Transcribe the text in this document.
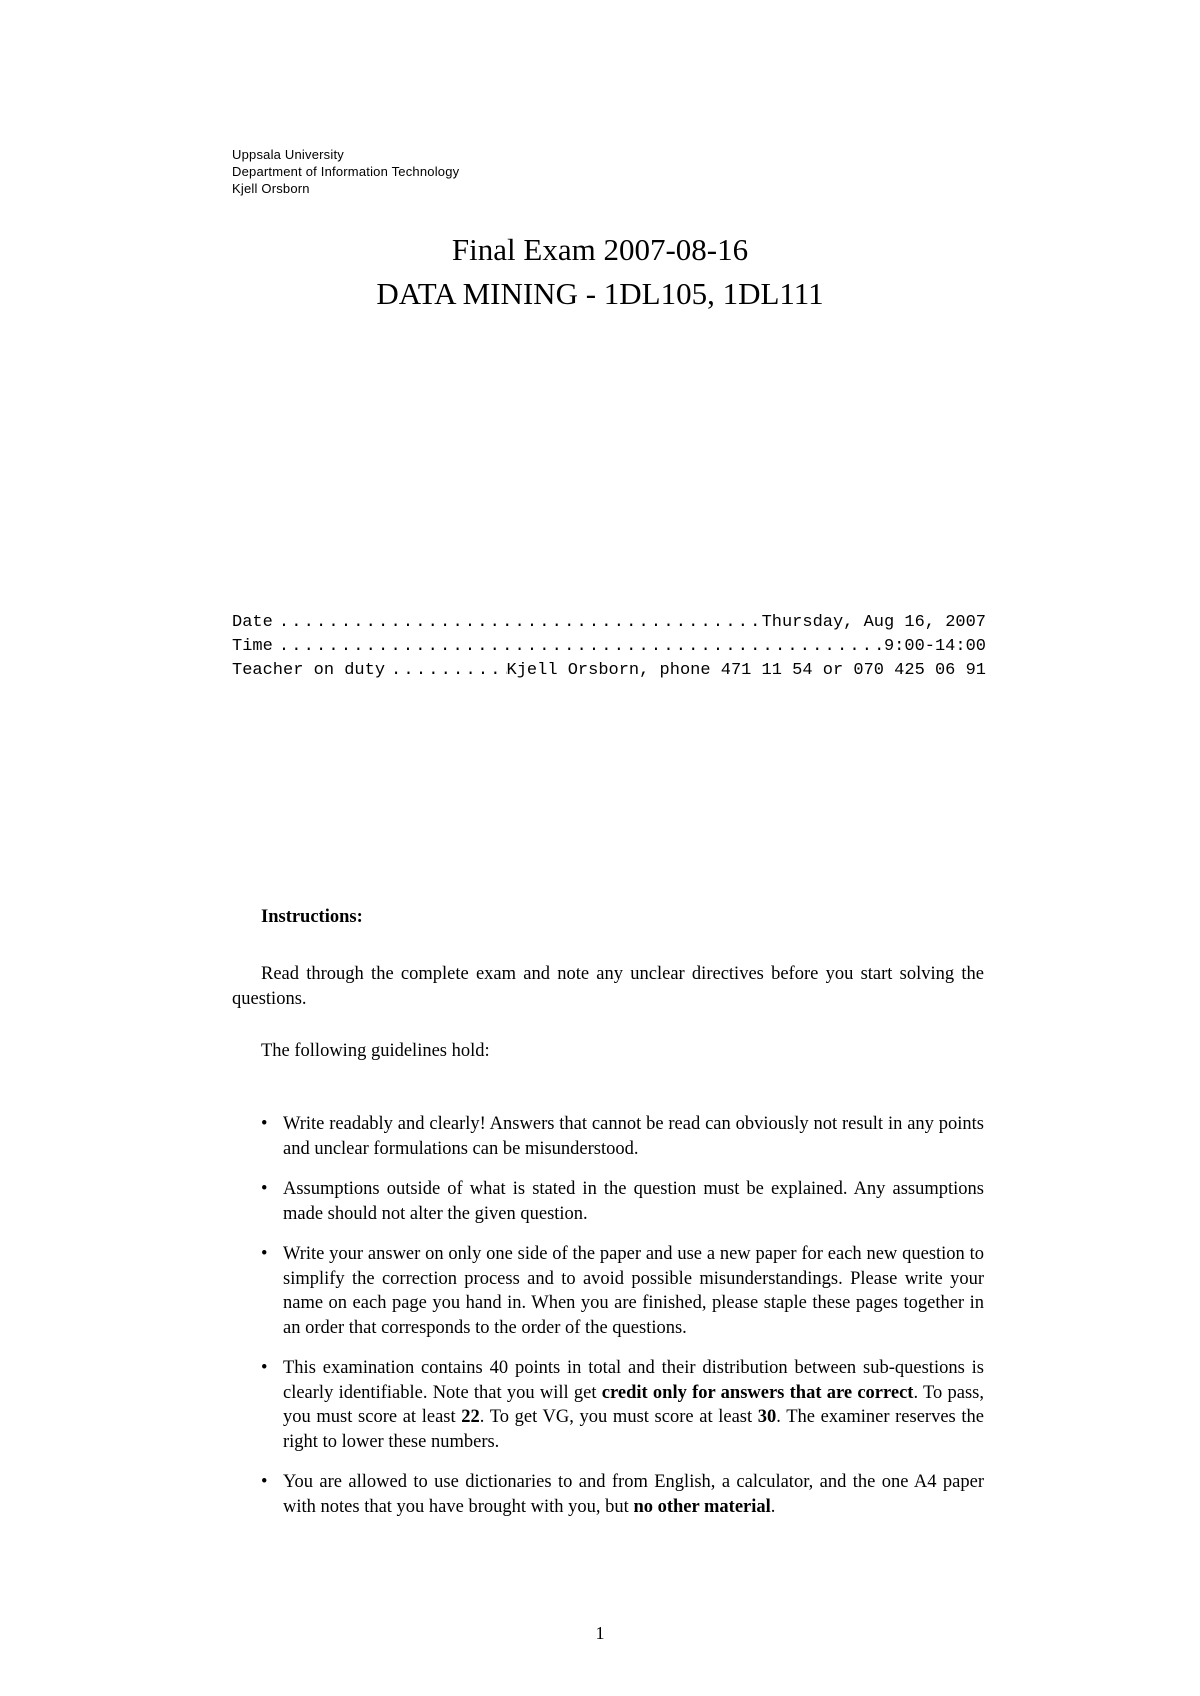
Uppsala University
Department of Information Technology
Kjell Orsborn
Final Exam 2007-08-16
DATA MINING - 1DL105, 1DL111
Date . . .	Thursday, Aug 16, 2007
Time . . .	9:00-14:00
Teacher on duty . . .	Kjell Orsborn, phone 471 11 54 or 070 425 06 91
Instructions:
Read through the complete exam and note any unclear directives before you start solving the questions.
The following guidelines hold:
• Write readably and clearly! Answers that cannot be read can obviously not result in any points and unclear formulations can be misunderstood.
• Assumptions outside of what is stated in the question must be explained. Any assumptions made should not alter the given question.
• Write your answer on only one side of the paper and use a new paper for each new question to simplify the correction process and to avoid possible misunderstandings. Please write your name on each page you hand in. When you are finished, please staple these pages together in an order that corresponds to the order of the questions.
• This examination contains 40 points in total and their distribution between sub-questions is clearly identifiable. Note that you will get credit only for answers that are correct. To pass, you must score at least 22. To get VG, you must score at least 30. The examiner reserves the right to lower these numbers.
• You are allowed to use dictionaries to and from English, a calculator, and the one A4 paper with notes that you have brought with you, but no other material.
1
